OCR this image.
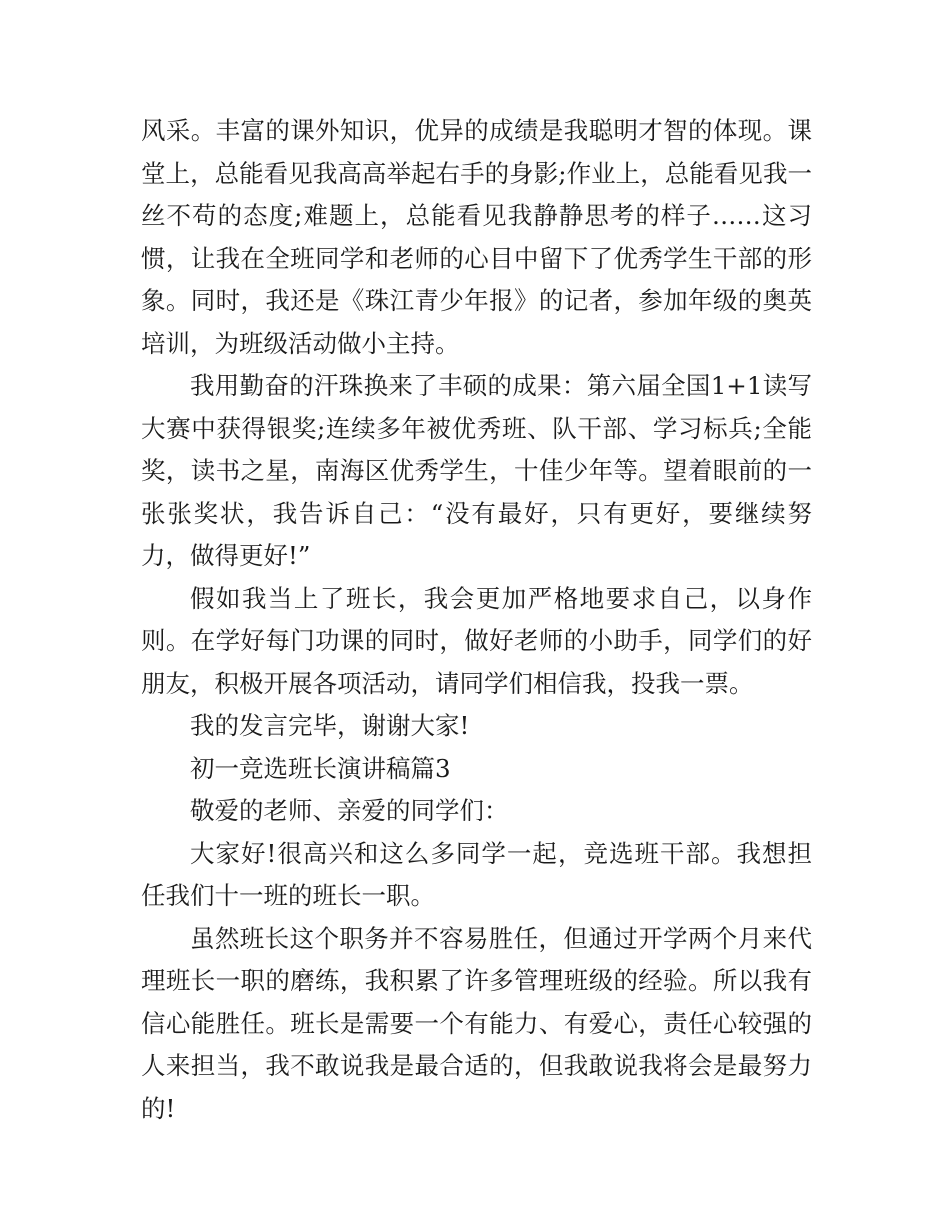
风采。丰富的课外知识，优异的成绩是我聪明才智的体现。课堂上，总能看见我高高举起右手的身影;作业上，总能看见我一丝不苟的态度;难题上，总能看见我静静思考的样子……这习惯，让我在全班同学和老师的心目中留下了优秀学生干部的形象。同时，我还是《珠江青少年报》的记者，参加年级的奥英培训，为班级活动做小主持。

我用勤奋的汗珠换来了丰硕的成果：第六届全国1+1读写大赛中获得银奖;连续多年被优秀班、队干部、学习标兵;全能奖，读书之星，南海区优秀学生，十佳少年等。望着眼前的一张张奖状，我告诉自己：“没有最好，只有更好，要继续努力，做得更好!”

假如我当上了班长，我会更加严格地要求自己，以身作则。在学好每门功课的同时，做好老师的小助手，同学们的好朋友，积极开展各项活动，请同学们相信我，投我一票。

我的发言完毕，谢谢大家!

初一竞选班长演讲稿篇3

敬爱的老师、亲爱的同学们：

大家好!很高兴和这么多同学一起，竞选班干部。我想担任我们十一班的班长一职。

虽然班长这个职务并不容易胜任，但通过开学两个月来代理班长一职的磨练，我积累了许多管理班级的经验。所以我有信心能胜任。班长是需要一个有能力、有爱心，责任心较强的人来担当，我不敢说我是最合适的，但我敢说我将会是最努力的!
